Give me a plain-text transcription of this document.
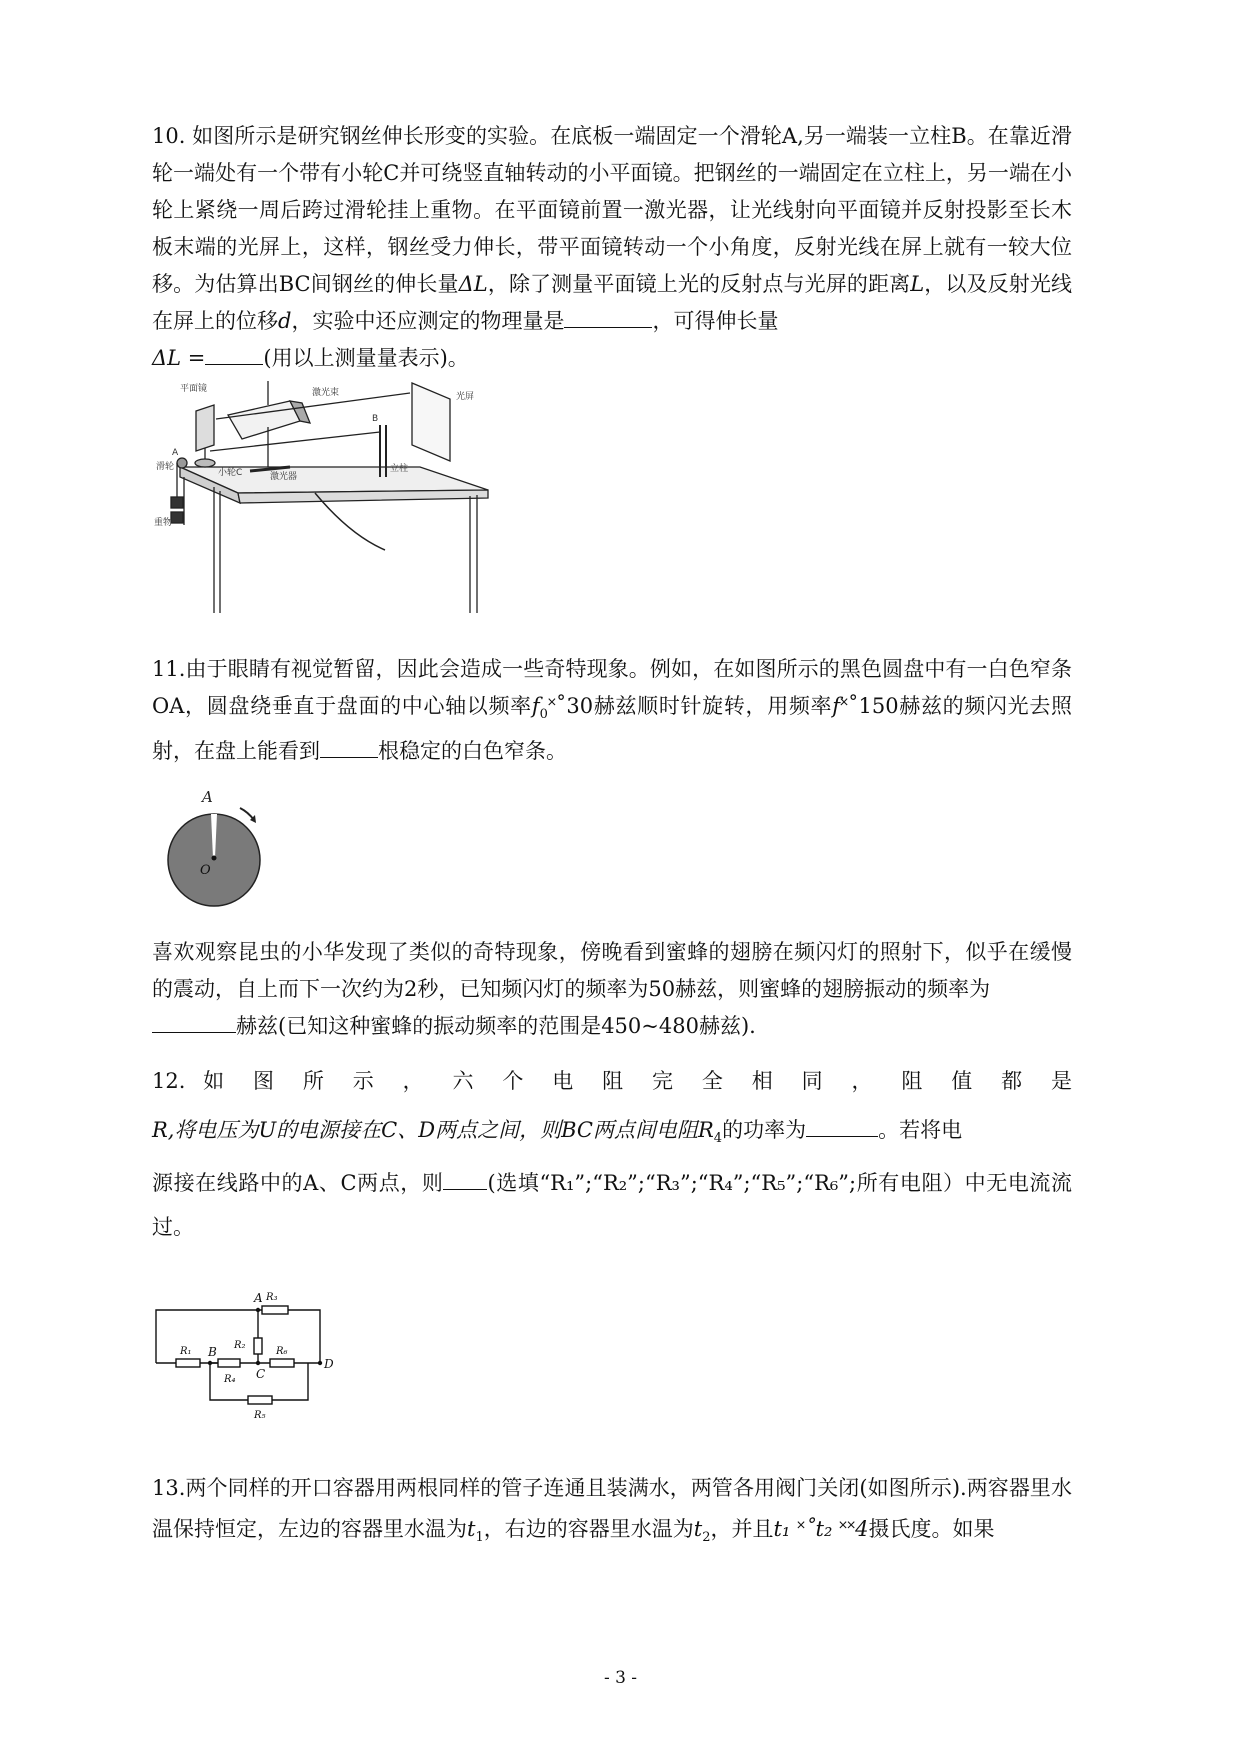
10. 如图所示是研究钢丝伸长形变的实验。在底板一端固定一个滑轮A,另一端装一立柱B。在靠近滑轮一端处有一个带有小轮C并可绕竖直轴转动的小平面镜。把钢丝的一端固定在立柱上，另一端在小轮上紧绕一周后跨过滑轮挂上重物。在平面镜前置一激光器，让光线射向平面镜并反射投影至长木板末端的光屏上，这样，钢丝受力伸长，带平面镜转动一个小角度，反射光线在屏上就有一较大位移。为估算出BC间钢丝的伸长量ΔL，除了测量平面镜上光的反射点与光屏的距离L，以及反射光线在屏上的位移d，实验中还应测定的物理量是	，可得伸长量
ΔL =	(用以上测量量表示)。

平面镜	激光束	光屏
A
滑轮
小轮C	激光器
B
立柱
重物

11.由于眼睛有视觉暂留，因此会造成一些奇特现象。例如，在如图所示的黑色圆盘中有一白色窄条OA，圆盘绕垂直于盘面的中心轴以频率$f_0˟˚30$赫兹顺时针旋转，用频率f˟˚150赫兹的频闪光去照射，在盘上能看到	根稳定的白色窄条。

A
O

喜欢观察昆虫的小华发现了类似的奇特现象，傍晚看到蜜蜂的翅膀在频闪灯的照射下，似乎在缓慢的震动，自上而下一次约为2秒，已知频闪灯的频率为50赫兹，则蜜蜂的翅膀振动的频率为
赫兹(已知这种蜜蜂的振动频率的范围是450~480赫兹).

12. 如 图 所 示 ， 六 个 电 阻 完 全 相 同 ， 阻 值 都 是

R,将电压为U的电源接在C、D两点之间，则BC两点间电阻$R_4$的功率为	。若将电
源接在线路中的A、C两点，则 (选填“R₁”;“R₂”;“R₃”;“R₄”;“R₅”;“R₆”;所有电阻）中无电流流过。

A
B
C
D
R₁
R₂
R₃
R₄
R₅
R₆

13.两个同样的开口容器用两根同样的管子连通且装满水，两管各用阀门关闭(如图所示).两容器里水温保持恒定，左边的容器里水温为$t_1$，右边的容器里水温为$t_2$，并且t₁ ˟˚t₂ ˟˟4摄氏度。如果

- 3 -
